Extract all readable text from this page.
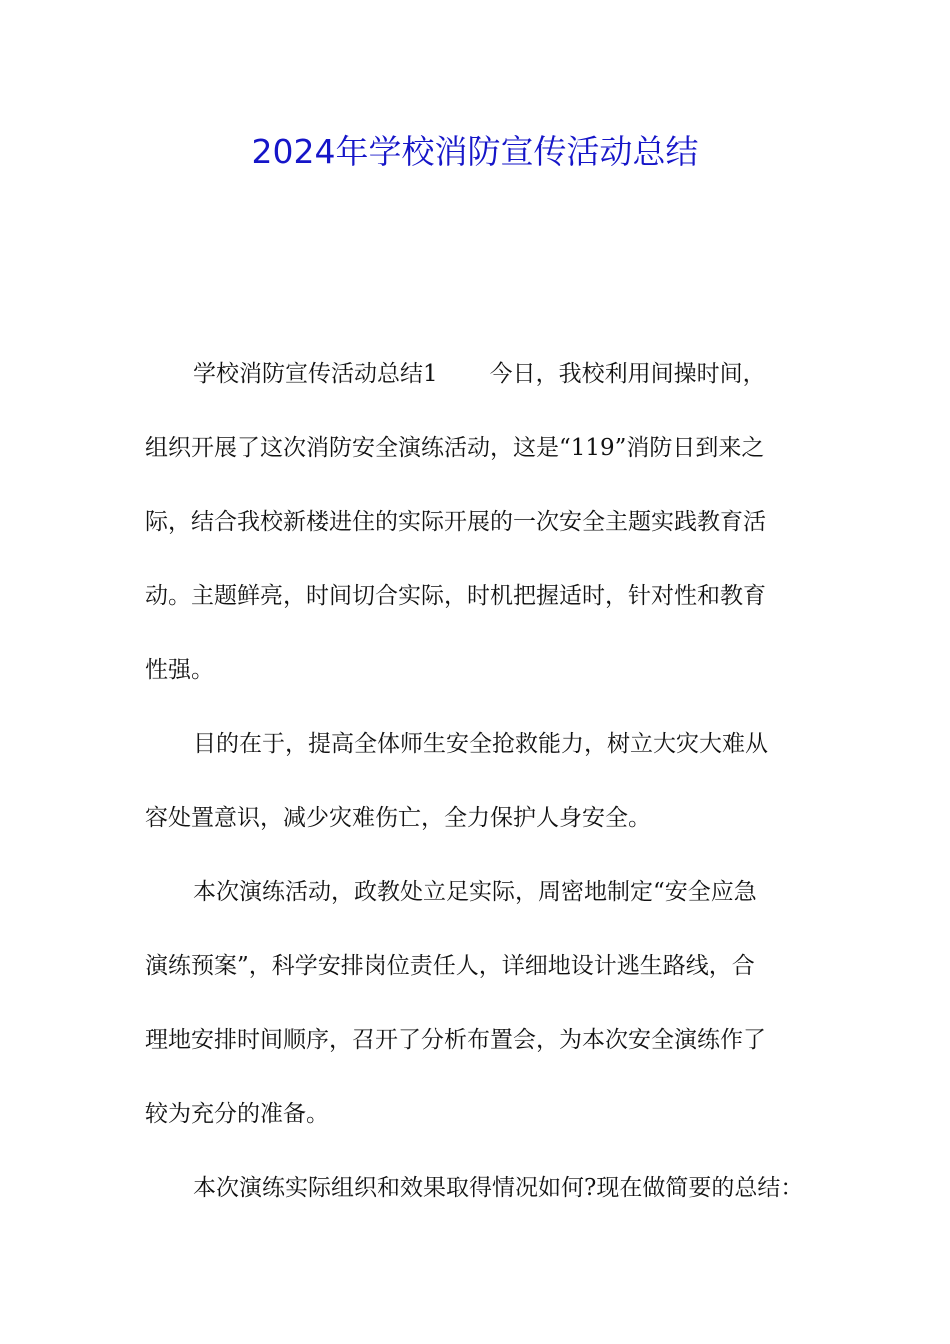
2024年学校消防宣传活动总结

学校消防宣传活动总结1 今日，我校利用间操时间，
组织开展了这次消防安全演练活动，这是“119”消防日到来之
际，结合我校新楼进住的实际开展的一次安全主题实践教育活
动。主题鲜亮，时间切合实际，时机把握适时，针对性和教育
性强。

目的在于，提高全体师生安全抢救能力，树立大灾大难从
容处置意识，减少灾难伤亡，全力保护人身安全。

本次演练活动，政教处立足实际，周密地制定“安全应急
演练预案”，科学安排岗位责任人，详细地设计逃生路线，合
理地安排时间顺序，召开了分析布置会，为本次安全演练作了
较为充分的准备。

本次演练实际组织和效果取得情况如何?现在做简要的总结：
